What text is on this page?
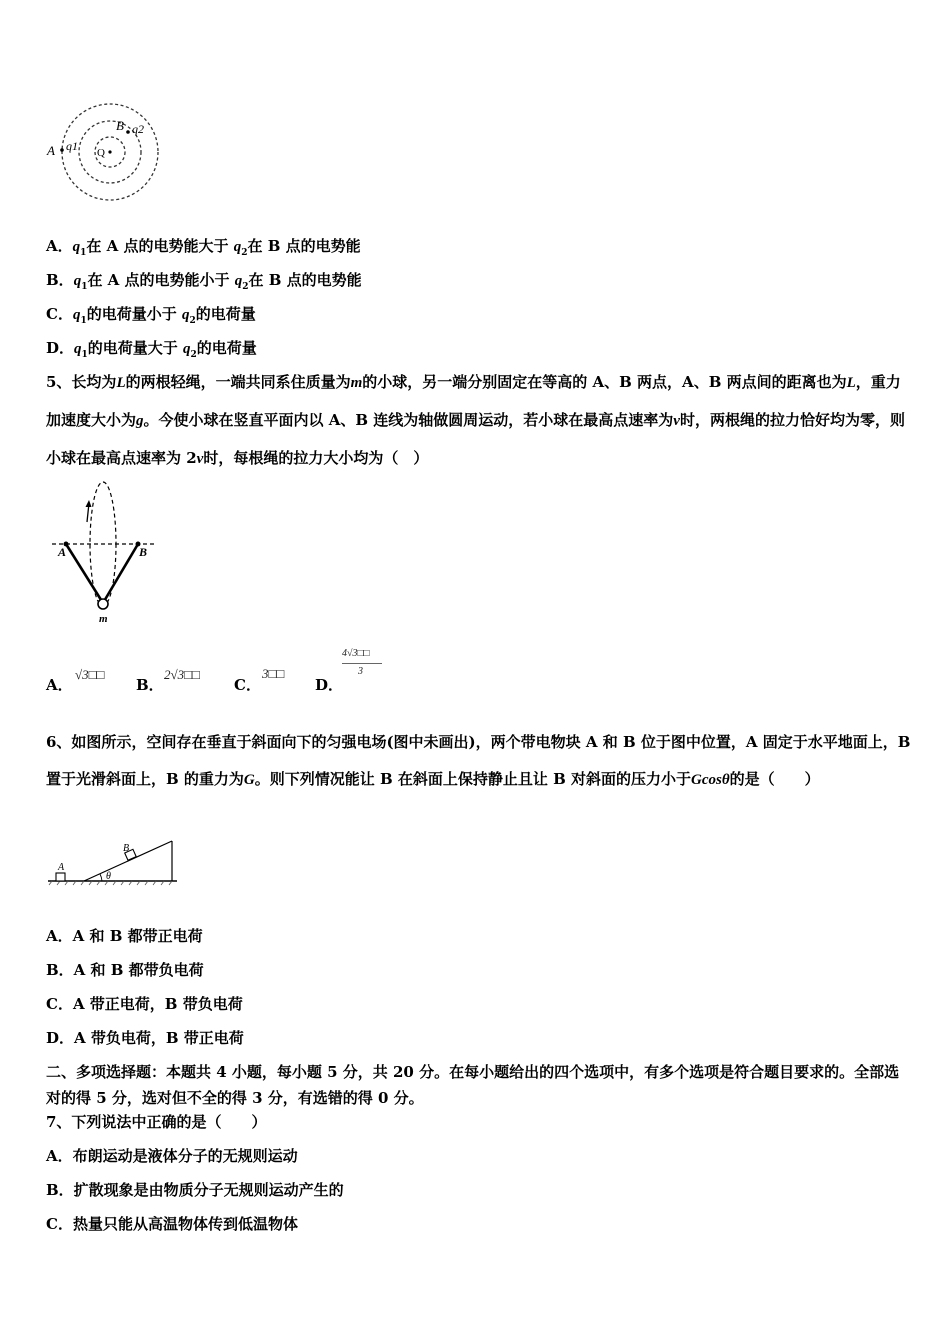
A q1 Q
B q2
A．$q_1$在 A 点的电势能大于 $q_2$在 B 点的电势能
B．$q_1$在 A 点的电势能小于 $q_2$在 B 点的电势能
C．$q_1$的电荷量小于 $q_2$的电荷量
D．$q_1$的电荷量大于 $q_2$的电荷量
5、长均为L的两根轻绳，一端共同系住质量为m的小球，另一端分别固定在等高的 A、B 两点，A、B 两点间的距离也为L，重力加速度大小为g。今使小球在竖直平面内以 A、B 连线为轴做圆周运动，若小球在最高点速率为v时，两根绳的拉力恰好均为零，则小球在最高点速率为 2v时，每根绳的拉力大小均为（　）
A	B
m
A．
√3□□
B．
2√3□□
C．
3□□
D．
4√3□□
3
6、如图所示，空间存在垂直于斜面向下的匀强电场(图中未画出)，两个带电物块 A 和 B 位于图中位置，A 固定于水平地面上，B 置于光滑斜面上，B 的重力为G。则下列情况能让 B 在斜面上保持静止且让 B 对斜面的压力小于Gcosθ的是（　　）
A
B
θ
A．A 和 B 都带正电荷
B．A 和 B 都带负电荷
C．A 带正电荷，B 带负电荷
D．A 带负电荷，B 带正电荷
二、多项选择题：本题共 4 小题，每小题 5 分，共 20 分。在每小题给出的四个选项中，有多个选项是符合题目要求的。全部选对的得 5 分，选对但不全的得 3 分，有选错的得 0 分。
7、下列说法中正确的是（　　）
A．布朗运动是液体分子的无规则运动
B．扩散现象是由物质分子无规则运动产生的
C．热量只能从高温物体传到低温物体
